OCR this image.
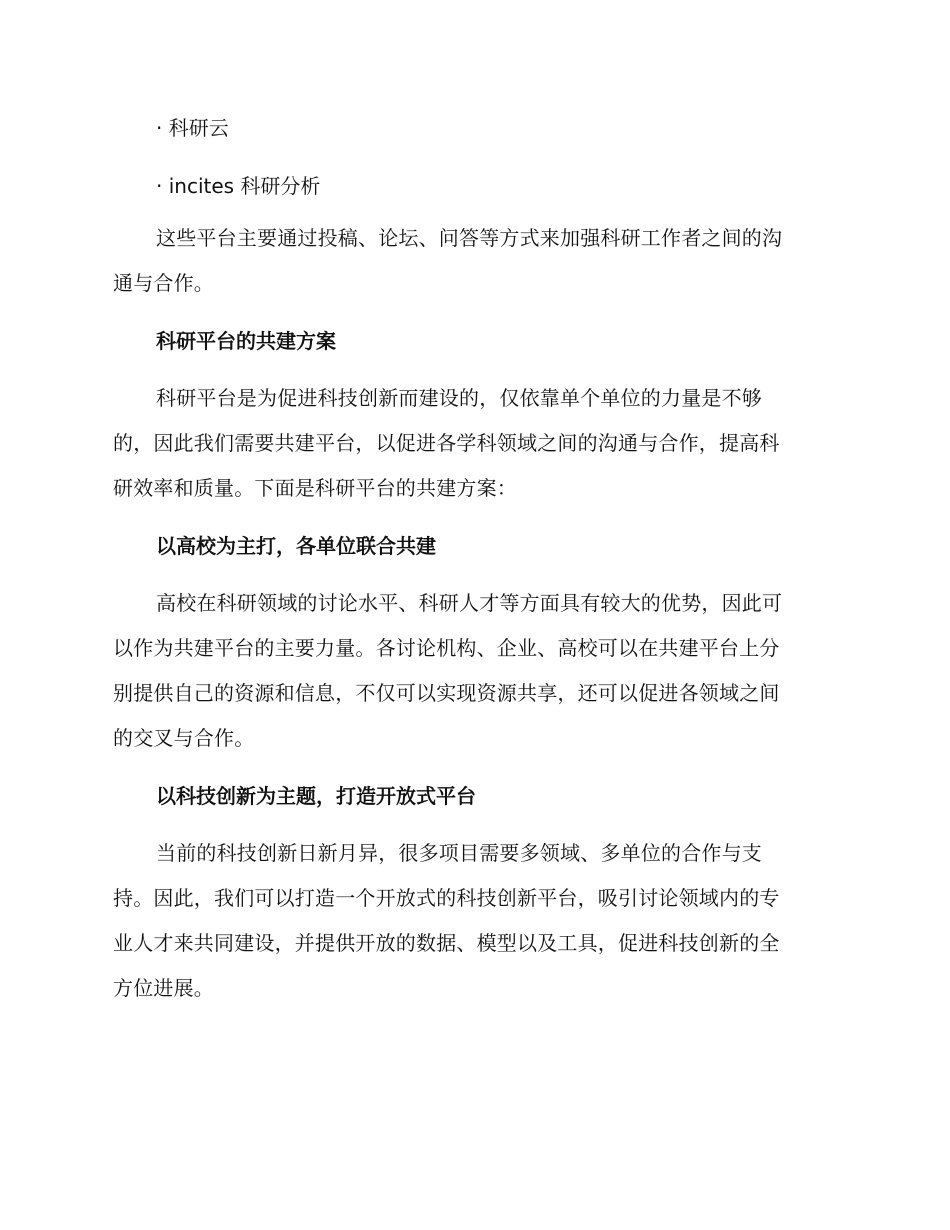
· 科研云

· incites 科研分析

这些平台主要通过投稿、论坛、问答等方式来加强科研工作者之间的沟

通与合作。

科研平台的共建方案

科研平台是为促进科技创新而建设的，仅依靠单个单位的力量是不够

的，因此我们需要共建平台，以促进各学科领域之间的沟通与合作，提高科

研效率和质量。下面是科研平台的共建方案：

以高校为主打，各单位联合共建

高校在科研领域的讨论水平、科研人才等方面具有较大的优势，因此可

以作为共建平台的主要力量。各讨论机构、企业、高校可以在共建平台上分

别提供自己的资源和信息，不仅可以实现资源共享，还可以促进各领域之间

的交叉与合作。

以科技创新为主题，打造开放式平台

当前的科技创新日新月异，很多项目需要多领域、多单位的合作与支

持。因此，我们可以打造一个开放式的科技创新平台，吸引讨论领域内的专

业人才来共同建设，并提供开放的数据、模型以及工具，促进科技创新的全

方位进展。
